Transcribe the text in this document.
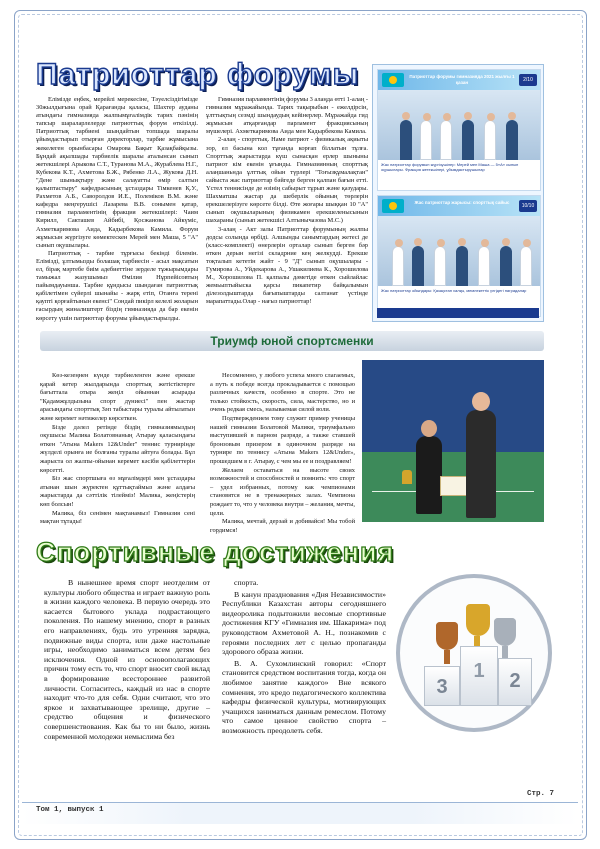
Патриоттар форумы

Елімізде еңбек, мерейлі мерекесіне, Тәуелсіздігімізде 30жылдығына орай Қарағанды қаласы, Шахтер ауданы атындағы гимназияда жалпымұғалімдік тарих пәнінің тапсыр шараларлелерде патриоттық форум өткізілді. Патриоттық тарбиені шындайтын топшада шаралы ұйымдастырып отырған директорлар, тарбие жұмысына жекелеген орынбасары Омарова Бақыт Қазақбайқызы. Бұндай ақылшады тарбиелік шаралы аталынсан сынып жетекшілері Арыкова С.Т., Туранова М.А., Жураблева Н.Г., Кубекова К.Т., Ахметова Б.Ж., Рябенко Л.А., Жукова Д.Н. "Дене шынықтыру және салауатты өмір салтын қалыптастыру" кафедрасының ұстаздары Тімкенев Қ.У., Рахметов А.Б., Саворолдов И.Е., Полеміков В.М. және кафедра меңгерушісі Лазарева В.В. сонымен қатар, гимназия парламентінің фракция жетекшілері: Чаим Кирилл, Сакташев Айбибі, Қосжанова Айкүміс, Ахметкаримова Аида, Кадырбекова Камила. Форум жұмысын жүргізуге көмектескен Мерей мен Маша, 5 "А" сынып оқушылары.

Патриоттық - тарбие тұрғысы бекінді білемін. Елімізді, ұлтымызды болашақ тарбиесін - асыл мақсатын ел, бірақ мәртебе биім адебиеттіне зерделе тұжырымдары тамыжал жазушымыз Өмілия Нұрпейісовтың пайымдауынша. Тарбие құндысы шындаған патриоттық қабілетімен сүйерлі шынайы - жарқ етіп, Отанға терені қаупті қорғайтынын екенсі" Сондай пикірл келелі жоларын ғасырдың жиналиштерт біздің гимназияда да бар екенін көрсету үшін патриоттар форумы ұйымдастырылды.

Гимназия парламентінің форумы 3 алаңда өтті 1-алаң - гимназия мұражайында. Тарих тақырыбын - ежелдірсін, ұлттықтың сезмді шындаудың кейінерлер. Мұражайда гид жұмысын атқарғандар парламент фракциясының мүшелері. Ахметкаримова Аида мен Кадырбекова Камила.

2-алаң - спорттық. Наме патриот - физикалық ақиыты зор, ел басына кол тұғанда корғап біллатын тұлға. Спорттық жарыстарда күш сынасқан ерлер шыныны патриот кім екенін ұғынды. Гимназиянның спорттық алаңшаньнда ұлттық ойын түрлері "Тоғызқұмалақтан" сайыста жас патриоттар бәйгеде берген қалпан бағын етті. Үстел теннисінде де өзінің сабырыт тұрып және қазудары. Шахматшы жастар да шеберлік ойының төрлерін ерекшелерізуге көрсете білді. Өте жоғары шыққан 10 "А" сынып оқушыларының физикамен ерекшеленысынын шахараны (сынып жетекшісі Алтынычазова М.С.)

3-алаң - Акт залы Патриоттар форумының жалпы додсы солында өрбіді. Алшынды санымтардың жетесі де (класс-комплекті) өнерлерін орталар сынып берген бәр өткен дерын негізі складрние кең желкудді. Ерекше тоқталып кететін жайт - 9 "Д" сынып оқушылары - Гумирова А., Уйдекарова А., Ушакилиева К., Хорошилова М., Хорошилова П. қалпалы дәметіде өткен сыйлайлас жемьыптыйыска қарсы пикапетир байқалымын ділезолдыштарда бағыпыштарды салтанат үстінде марапаттады.Олар - нағыз патриоттар!

Патриоттар форумы гимназияда 2021 жылғы 1 қазан	2/10
Жас патриоттар форумын жүргізушілер: Мерей мен Маша — 5«А» сынып оқушылары. Фракция жетекшілері, ұйымдастырушылар
Жас патриоттар жарысы: спорттық сайыс
10/10
Жас патриоттар ойындары: Қазақстан халқы, мемлекеттік үлгідегі наградалар
Триумф юной спортсменки

Көз-кезеңнен күнде тәрбиеленген және ерекше қарай кетер жылдарында спорттық жетістіктерге бағыттала отыра жеңіл ойыннан асырады "Қадамжұлдызына спорт дүниесі" пен жастар арасындағы спорттық Зәп табыстары туралы айтылатын және керемет нәтижелер көрсеткен.

Бізде дәлел ретінде біздің гимназиямыздың оқушысы Малика Болатовнаның Атырау қаласындағы өткен "Атына Makers 12&Under" теннис турнирінде жүлделі орынға ие болғаны туралы айтуға болады. Бұл жарыста ол жалпы-ойынан керемет кәсіби қабілеттерін көрсетті.

Біз жас спортшыға өз мұғалімдері мен ұстаздары атынан шын жүректен құттықтаймыз және алдағы жарыстарда да сәттілік тілейміз! Малика, жеңістерің көп болсын!

Малика, біз сенімен мақтанамыз! Гимназия сені мақтан тұтады!

Несомненно, у любого успеха много слагаемых, а путь к победе всегда прокладывается с помощью различных качеств, особенно в спорте. Это не только стойкость, скорость, сила, мастерство, но и очень редкая смесь, называемая силой воли.

Подтверждением тому служит пример ученицы нашей гимназии Болатовой Малики, триумфально выступившей в парном разряде, а также ставшей бронзовым призером в одиночном разряде на турнире по теннису «Атына Makers 12&Under», прошедшем в г. Атырау, с чем мы ее и поздравляем!

Желаем оставаться на высоте своих возможностей и способностей и помнить: что спорт – удел избранных, потому как чемпионами становятся не в тренажерных залах. Чемпиона рождает то, что у человека внутри – желания, мечты, цели.

Малика, мечтай, дерзай и добивайся! Мы тобой гордимся!

Спортивные достижения

В нынешнее время спорт неотделим от культуры любого общества и играет важную роль в жизни каждого человека. В первую очередь это касается бытового уклада подрастающего поколения. По нашему мнению, спорт в разных его направлениях, будь это утренняя зарядка, подвижные виды спорта, или даже настольные игры, необходимо заниматься всем детям без исключения. Одной из основополагающих причин тому есть то, что спорт вносит свой вклад в формирование всестороннее развитой личности. Согласитесь, каждый из нас в спорте находит что-то для себя. Одни считают, что это яркое и захватывающее зрелище, другие – средство общения и физического совершенствования. Как бы то ни было, жизнь современной молодежи немыслима без

спорта.

В канун празднования «Дня Независимости» Республики Казахстан авторы сегодняшнего видеоролика подытожили весомые спортивные достижения КГУ «Гимназия им. Шакарима» под руководством Ахметовой А. Н., познакомив с героями последних лет с целью пропаганды здорового образа жизни.

В. А. Сухомлинский говорил: «Спорт становится средством воспитания тогда, когда он любимое занятие каждого» Вне всякого сомнения, это кредо педагогического коллектива кафедры физической культуры, мотивирующих учащихся заниматься данным ремеслом. Потому что самое ценное свойство спорта – возможность преодолеть себя.

3
1	2
Том 1, выпуск 1
Стр. 7
